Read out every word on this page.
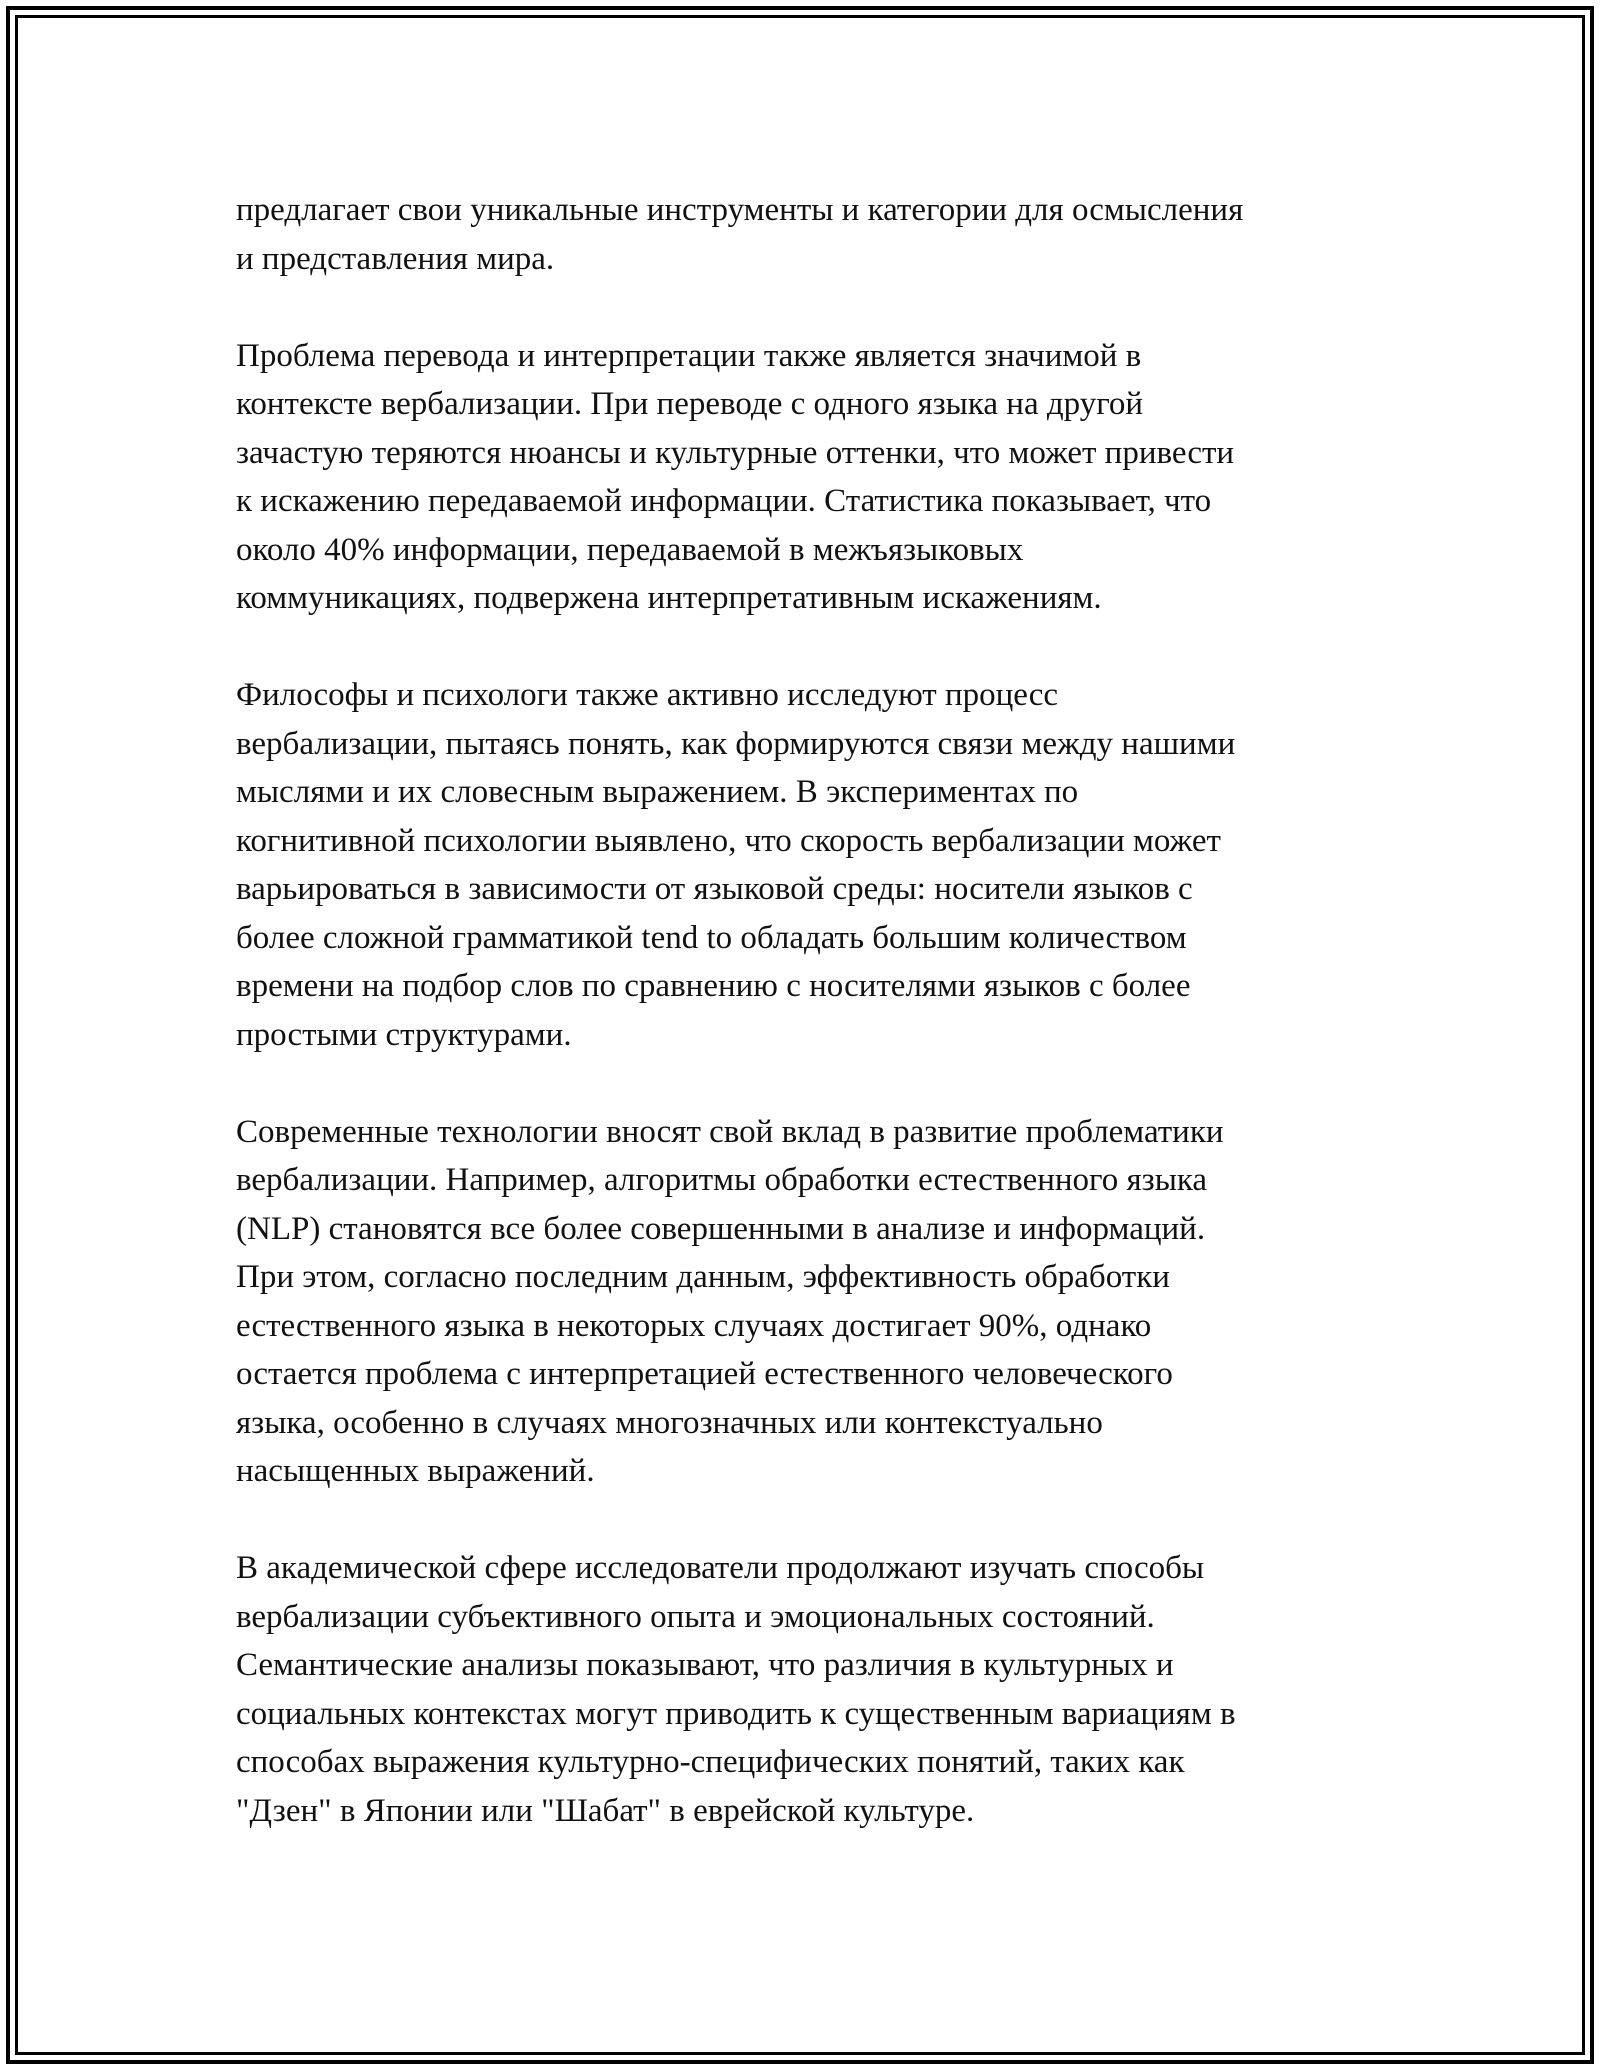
предлагает свои уникальные инструменты и категории для осмысления
и представления мира.

Проблема перевода и интерпретации также является значимой в
контексте вербализации. При переводе с одного языка на другой
зачастую теряются нюансы и культурные оттенки, что может привести
к искажению передаваемой информации. Статистика показывает, что
около 40% информации, передаваемой в межъязыковых
коммуникациях, подвержена интерпретативным искажениям.

Философы и психологи также активно исследуют процесс
вербализации, пытаясь понять, как формируются связи между нашими
мыслями и их словесным выражением. В экспериментах по
когнитивной психологии выявлено, что скорость вербализации может
варьироваться в зависимости от языковой среды: носители языков с
более сложной грамматикой tend to обладать большим количеством
времени на подбор слов по сравнению с носителями языков с более
простыми структурами.

Современные технологии вносят свой вклад в развитие проблематики
вербализации. Например, алгоритмы обработки естественного языка
(NLP) становятся все более совершенными в анализе и информаций.
При этом, согласно последним данным, эффективность обработки
естественного языка в некоторых случаях достигает 90%, однако
остается проблема с интерпретацией естественного человеческого
языка, особенно в случаях многозначных или контекстуально
насыщенных выражений.

В академической сфере исследователи продолжают изучать способы
вербализации субъективного опыта и эмоциональных состояний.
Семантические анализы показывают, что различия в культурных и
социальных контекстах могут приводить к существенным вариациям в
способах выражения культурно-специфических понятий, таких как
"Дзен" в Японии или "Шабат" в еврейской культуре.
